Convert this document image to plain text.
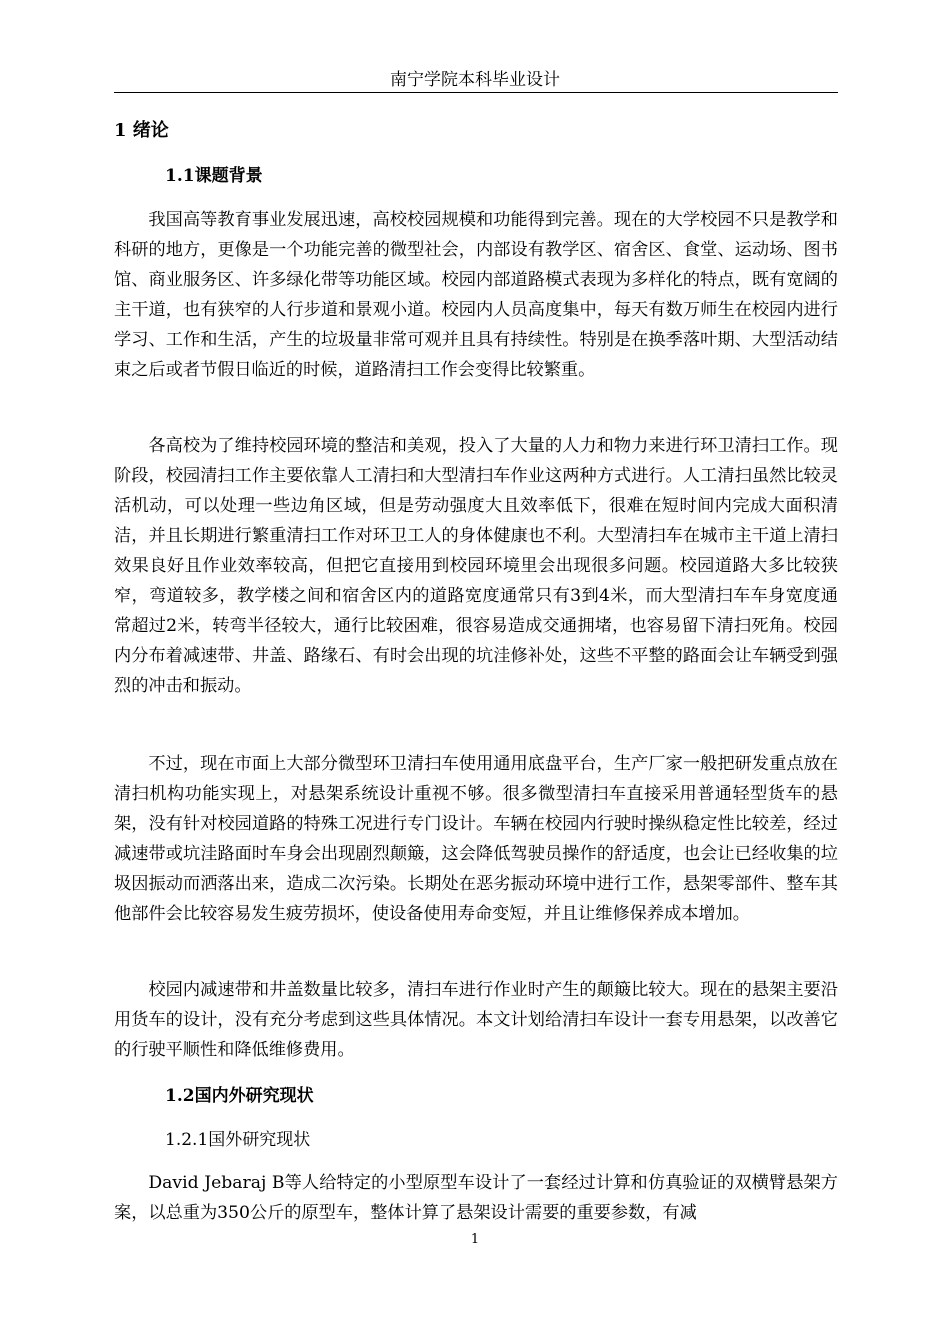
南宁学院本科毕业设计
1 绪论
1.1课题背景

我国高等教育事业发展迅速，高校校园规模和功能得到完善。现在的大学校园不只是教学和科研的地方，更像是一个功能完善的微型社会，内部设有教学区、宿舍区、食堂、运动场、图书馆、商业服务区、许多绿化带等功能区域。校园内部道路模式表现为多样化的特点，既有宽阔的主干道，也有狭窄的人行步道和景观小道。校园内人员高度集中，每天有数万师生在校园内进行学习、工作和生活，产生的垃圾量非常可观并且具有持续性。特别是在换季落叶期、大型活动结束之后或者节假日临近的时候，道路清扫工作会变得比较繁重。

各高校为了维持校园环境的整洁和美观，投入了大量的人力和物力来进行环卫清扫工作。现阶段，校园清扫工作主要依靠人工清扫和大型清扫车作业这两种方式进行。人工清扫虽然比较灵活机动，可以处理一些边角区域，但是劳动强度大且效率低下，很难在短时间内完成大面积清洁，并且长期进行繁重清扫工作对环卫工人的身体健康也不利。大型清扫车在城市主干道上清扫效果良好且作业效率较高，但把它直接用到校园环境里会出现很多问题。校园道路大多比较狭窄，弯道较多，教学楼之间和宿舍区内的道路宽度通常只有3到4米，而大型清扫车车身宽度通常超过2米，转弯半径较大，通行比较困难，很容易造成交通拥堵，也容易留下清扫死角。校园内分布着减速带、井盖、路缘石、有时会出现的坑洼修补处，这些不平整的路面会让车辆受到强烈的冲击和振动。

不过，现在市面上大部分微型环卫清扫车使用通用底盘平台，生产厂家一般把研发重点放在清扫机构功能实现上，对悬架系统设计重视不够。很多微型清扫车直接采用普通轻型货车的悬架，没有针对校园道路的特殊工况进行专门设计。车辆在校园内行驶时操纵稳定性比较差，经过减速带或坑洼路面时车身会出现剧烈颠簸，这会降低驾驶员操作的舒适度，也会让已经收集的垃圾因振动而洒落出来，造成二次污染。长期处在恶劣振动环境中进行工作，悬架零部件、整车其他部件会比较容易发生疲劳损坏，使设备使用寿命变短，并且让维修保养成本增加。

校园内减速带和井盖数量比较多，清扫车进行作业时产生的颠簸比较大。现在的悬架主要沿用货车的设计，没有充分考虑到这些具体情况。本文计划给清扫车设计一套专用悬架，以改善它的行驶平顺性和降低维修费用。

1.2国内外研究现状
1.2.1国外研究现状

David Jebaraj B等人给特定的小型原型车设计了一套经过计算和仿真验证的双横臂悬架方案，以总重为350公斤的原型车，整体计算了悬架设计需要的重要参数，有减

1
